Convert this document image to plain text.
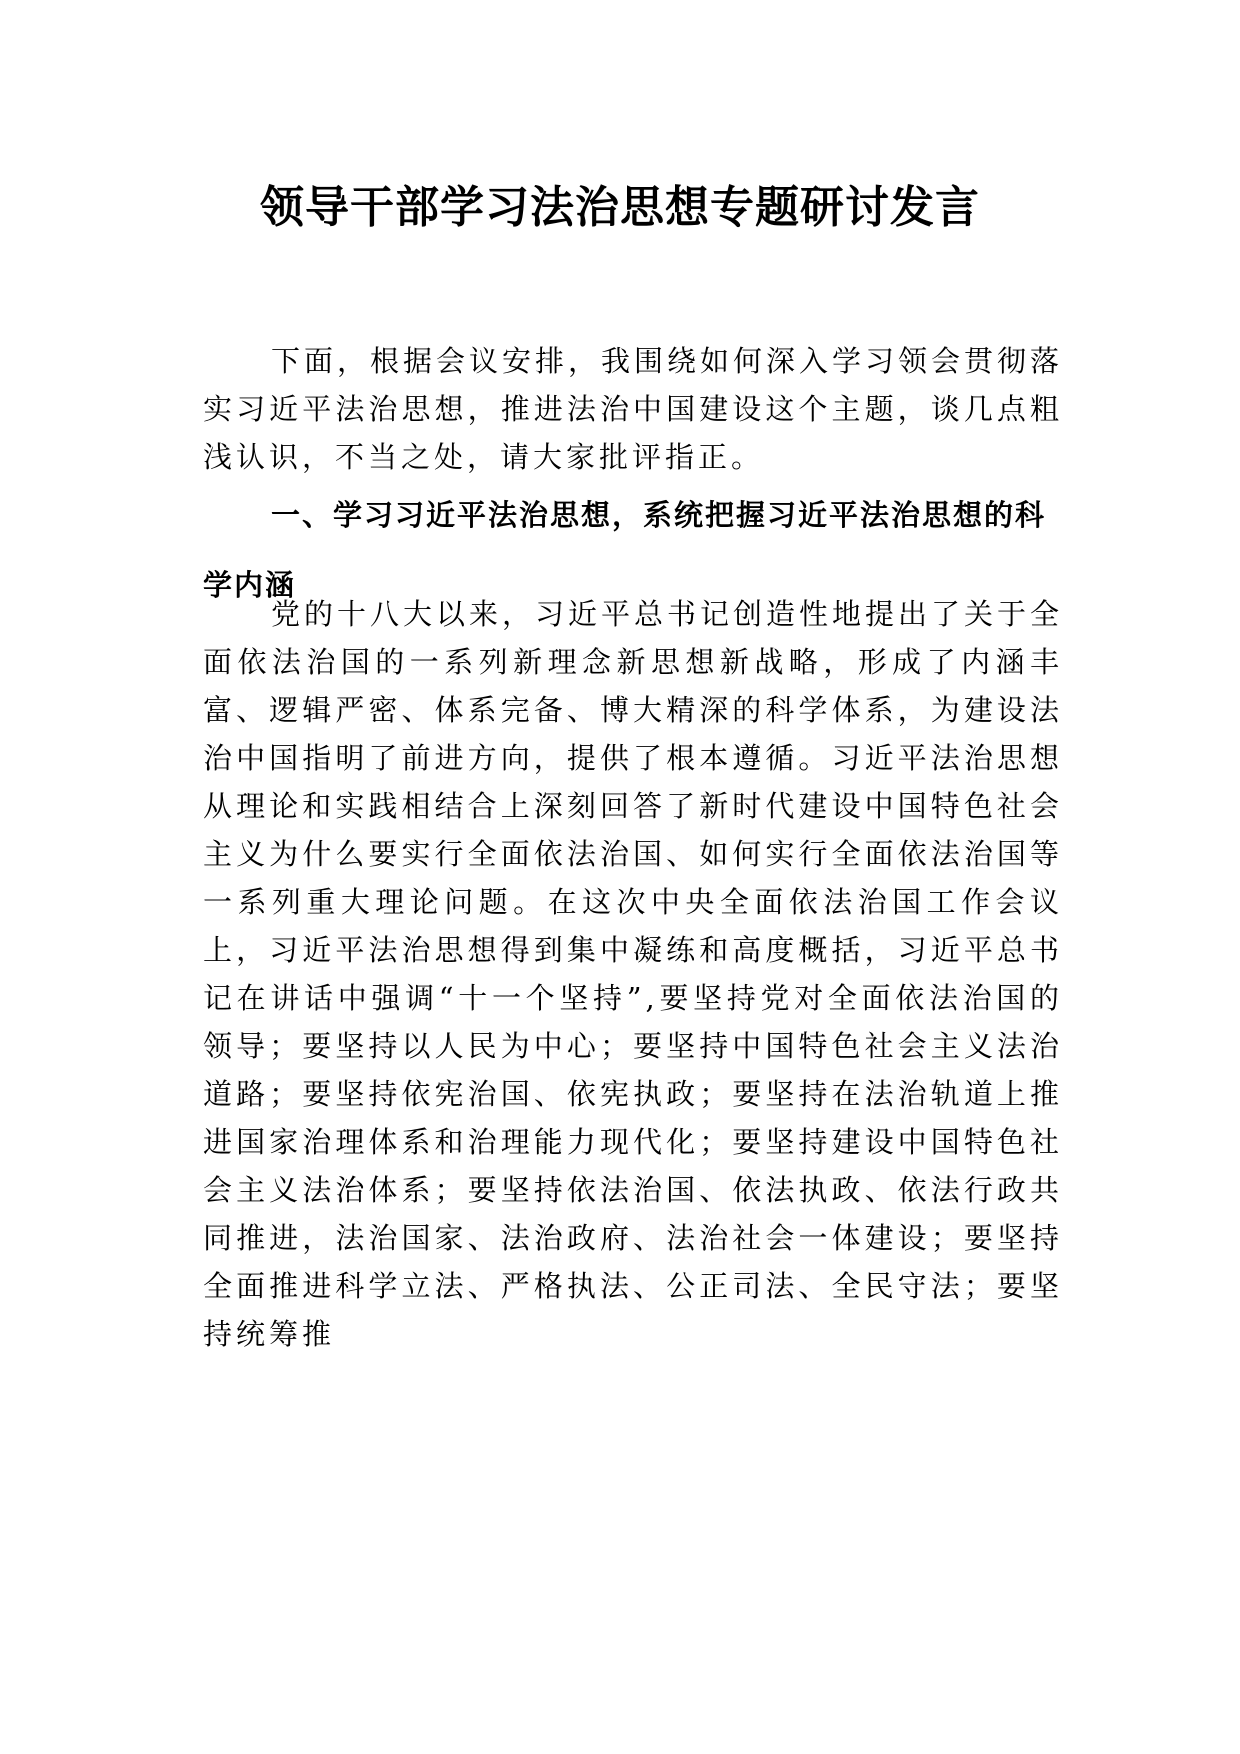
领导干部学习法治思想专题研讨发言

下面，根据会议安排，我围绕如何深入学习领会贯彻落实习近平法治思想，推进法治中国建设这个主题，谈几点粗浅认识，不当之处，请大家批评指正。

一、学习习近平法治思想，系统把握习近平法治思想的科学内涵

党的十八大以来，习近平总书记创造性地提出了关于全面依法治国的一系列新理念新思想新战略，形成了内涵丰富、逻辑严密、体系完备、博大精深的科学体系，为建设法治中国指明了前进方向，提供了根本遵循。习近平法治思想从理论和实践相结合上深刻回答了新时代建设中国特色社会主义为什么要实行全面依法治国、如何实行全面依法治国等一系列重大理论问题。在这次中央全面依法治国工作会议上，习近平法治思想得到集中凝练和高度概括，习近平总书记在讲话中强调“十一个坚持”,要坚持党对全面依法治国的领导；要坚持以人民为中心；要坚持中国特色社会主义法治道路；要坚持依宪治国、依宪执政；要坚持在法治轨道上推进国家治理体系和治理能力现代化；要坚持建设中国特色社会主义法治体系；要坚持依法治国、依法执政、依法行政共同推进，法治国家、法治政府、法治社会一体建设；要坚持全面推进科学立法、严格执法、公正司法、全民守法；要坚持统筹推
